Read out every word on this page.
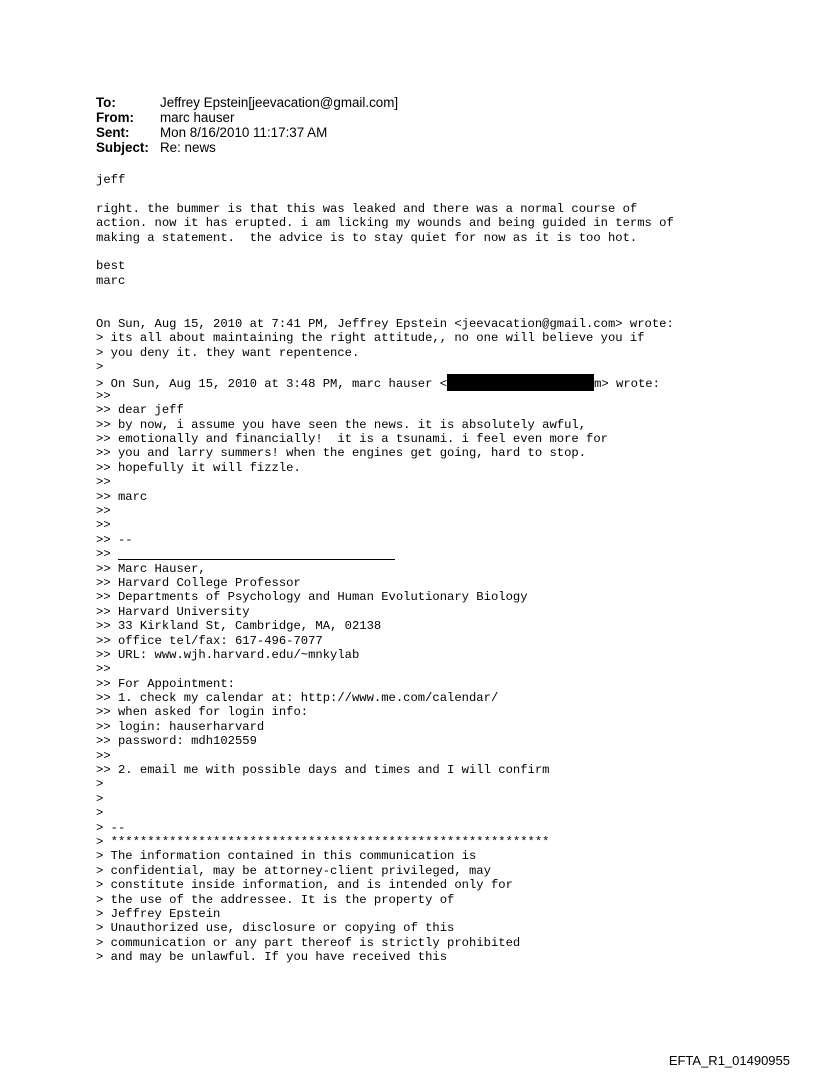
To:	Jeffrey Epstein[jeevacation@gmail.com]
From:	marc hauser
Sent:	Mon 8/16/2010 11:17:37 AM
Subject: Re: news
jeff
right. the bummer is that this was leaked and there was a normal course of
action. now it has erupted. i am licking my wounds and being guided in terms of
making a statement.  the advice is to stay quiet for now as it is too hot.
best
marc
On Sun, Aug 15, 2010 at 7:41 PM, Jeffrey Epstein <jeevacation@gmail.com> wrote:
> its all about maintaining the right attitude,, no one will believe you if
> you deny it. they want repentence.
>
> On Sun, Aug 15, 2010 at 3:48 PM, marc hauser <	m> wrote:
>>
>> dear jeff
>> by now, i assume you have seen the news. it is absolutely awful,
>> emotionally and financially!  it is a tsunami. i feel even more for
>> you and larry summers! when the engines get going, hard to stop.
>> hopefully it will fizzle.
>>
>> marc
>>
>>
>> --
>>
>> Marc Hauser,
>> Harvard College Professor
>> Departments of Psychology and Human Evolutionary Biology
>> Harvard University
>> 33 Kirkland St, Cambridge, MA, 02138
>> office tel/fax: 617-496-7077
>> URL: www.wjh.harvard.edu/~mnkylab
>>
>> For Appointment:
>> 1. check my calendar at: http://www.me.com/calendar/
>> when asked for login info:
>> login: hauserharvard
>> password: mdh102559
>>
>> 2. email me with possible days and times and I will confirm
>
>
>
> --
> ************************************************************
> The information contained in this communication is
> confidential, may be attorney-client privileged, may
> constitute inside information, and is intended only for
> the use of the addressee. It is the property of
> Jeffrey Epstein
> Unauthorized use, disclosure or copying of this
> communication or any part thereof is strictly prohibited
> and may be unlawful. If you have received this
EFTA_R1_01490955
